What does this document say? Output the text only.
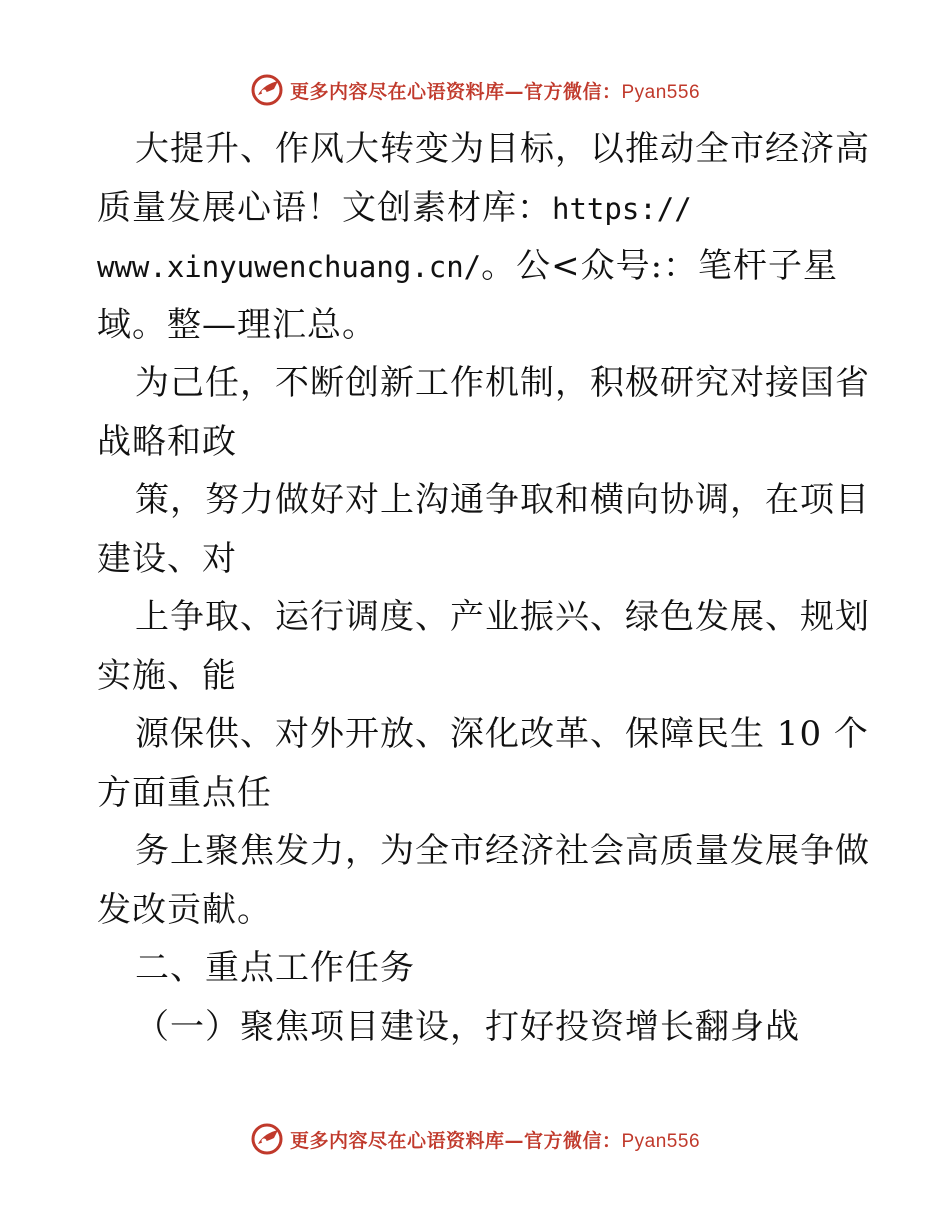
更多内容尽在心语资料库—官方微信：Pyan556
大提升、作风大转变为目标，以推动全市经济高
质量发展心语！文创素材库：https://
www.xinyuwenchuang.cn/。公<众号:：笔杆子星
域。整—理汇总。
为己任，不断创新工作机制，积极研究对接国省
战略和政
策，努力做好对上沟通争取和横向协调，在项目
建设、对
上争取、运行调度、产业振兴、绿色发展、规划
实施、能
源保供、对外开放、深化改革、保障民生 10 个
方面重点任
务上聚焦发力，为全市经济社会高质量发展争做
发改贡献。
二、重点工作任务
（一）聚焦项目建设，打好投资增长翻身战
更多内容尽在心语资料库—官方微信：Pyan556
